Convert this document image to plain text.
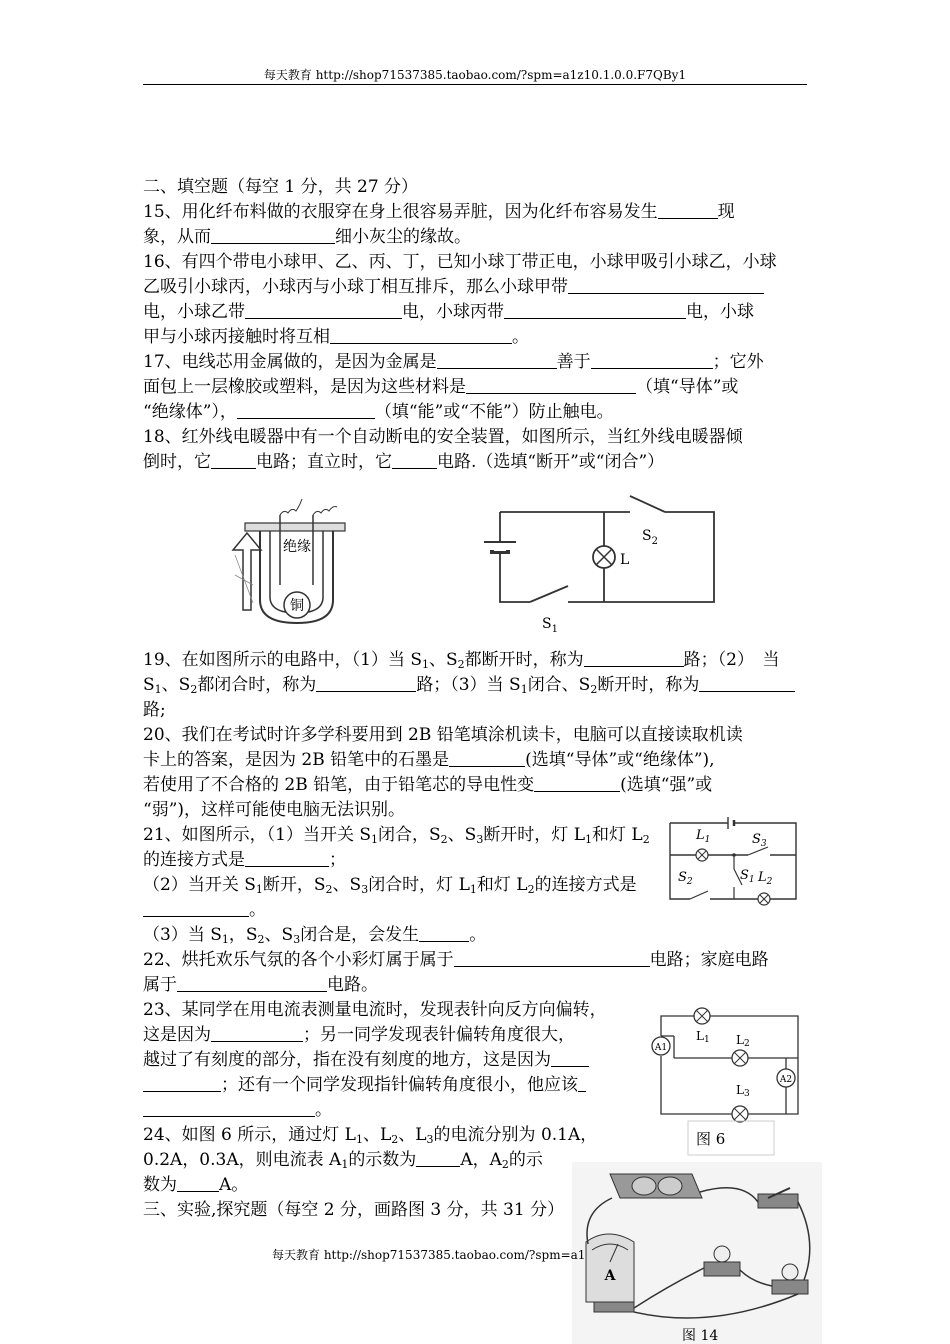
每天教育 http://shop71537385.taobao.com/?spm=a1z10.1.0.0.F7QBy1
二、填空题（每空 1 分，共 27 分）
15、用化纤布料做的衣服穿在身上很容易弄脏，因为化纤布容易发生	现
象，从而	细小灰尘的缘故。
16、有四个带电小球甲、乙、丙、丁，已知小球丁带正电，小球甲吸引小球乙，小球
乙吸引小球丙，小球丙与小球丁相互排斥，那么小球甲带
电，小球乙带	电，小球丙带	电，小球
甲与小球丙接触时将互相	。
17、电线芯用金属做的，是因为金属是	善于	；它外
面包上一层橡胶或塑料，是因为这些材料是	（填“导体”或
“绝缘体”），	（填“能”或“不能”）防止触电。
18、红外线电暖器中有一个自动断电的安全装置，如图所示，当红外线电暖器倾
倒时，它	电路；直立时，它	电路.（选填“断开”或“闭合”）
绝缘
铜
L
$S_2$
$S_1$
19、在如图所示的电路中，（1）当 $S_1$、$S_2$都断开时，称为	路；（2）　当
$S_1$、$S_2$都闭合时，称为	路；（3）当 $S_1$闭合、$S_2$断开时，称为
路;
20、我们在考试时许多学科要用到 2B 铅笔填涂机读卡，电脑可以直接读取机读
卡上的答案，是因为 2B 铅笔中的石墨是	(选填“导体”或“绝缘体”),
若使用了不合格的 2B 铅笔，由于铅笔芯的导电性变	(选填“强”或
“弱”)，这样可能使电脑无法识别。
21、如图所示，（1）当开关 $S_1$闭合，$S_2$、$S_3$断开时，灯 $L_1$和灯 $L_2$
的连接方式是	；
（2）当开关 $S_1$断开，$S_2$、$S_3$闭合时，灯 $L_1$和灯 $L_2$的连接方式是
。
（3）当 $S_1$，$S_2$、$S_3$闭合是，会发生	。
$L_1$	$S_3$
$S_2$	$S_1$ $L_2$
22、烘托欢乐气氛的各个小彩灯属于属于	电路；家庭电路
属于	电路。
23、某同学在用电流表测量电流时，发现表针向反方向偏转，
这是因为	；另一同学发现表针偏转角度很大，
越过了有刻度的部分，指在没有刻度的地方，这是因为
；还有一个同学发现指针偏转角度很小，他应该
。
A1
A2
L1 L2
L3
图 6
24、如图 6 所示，通过灯 $L_1$、$L_2$、$L_3$的电流分别为 0.1A，
0.2A，0.3A，则电流表 $A_1$的示数为	A，$A_2$的示
数为 A。
三、实验,探究题（每空 2 分，画路图 3 分，共 31 分）
A
图 14
每天教育 http://shop71537385.taobao.com/?spm=a1
